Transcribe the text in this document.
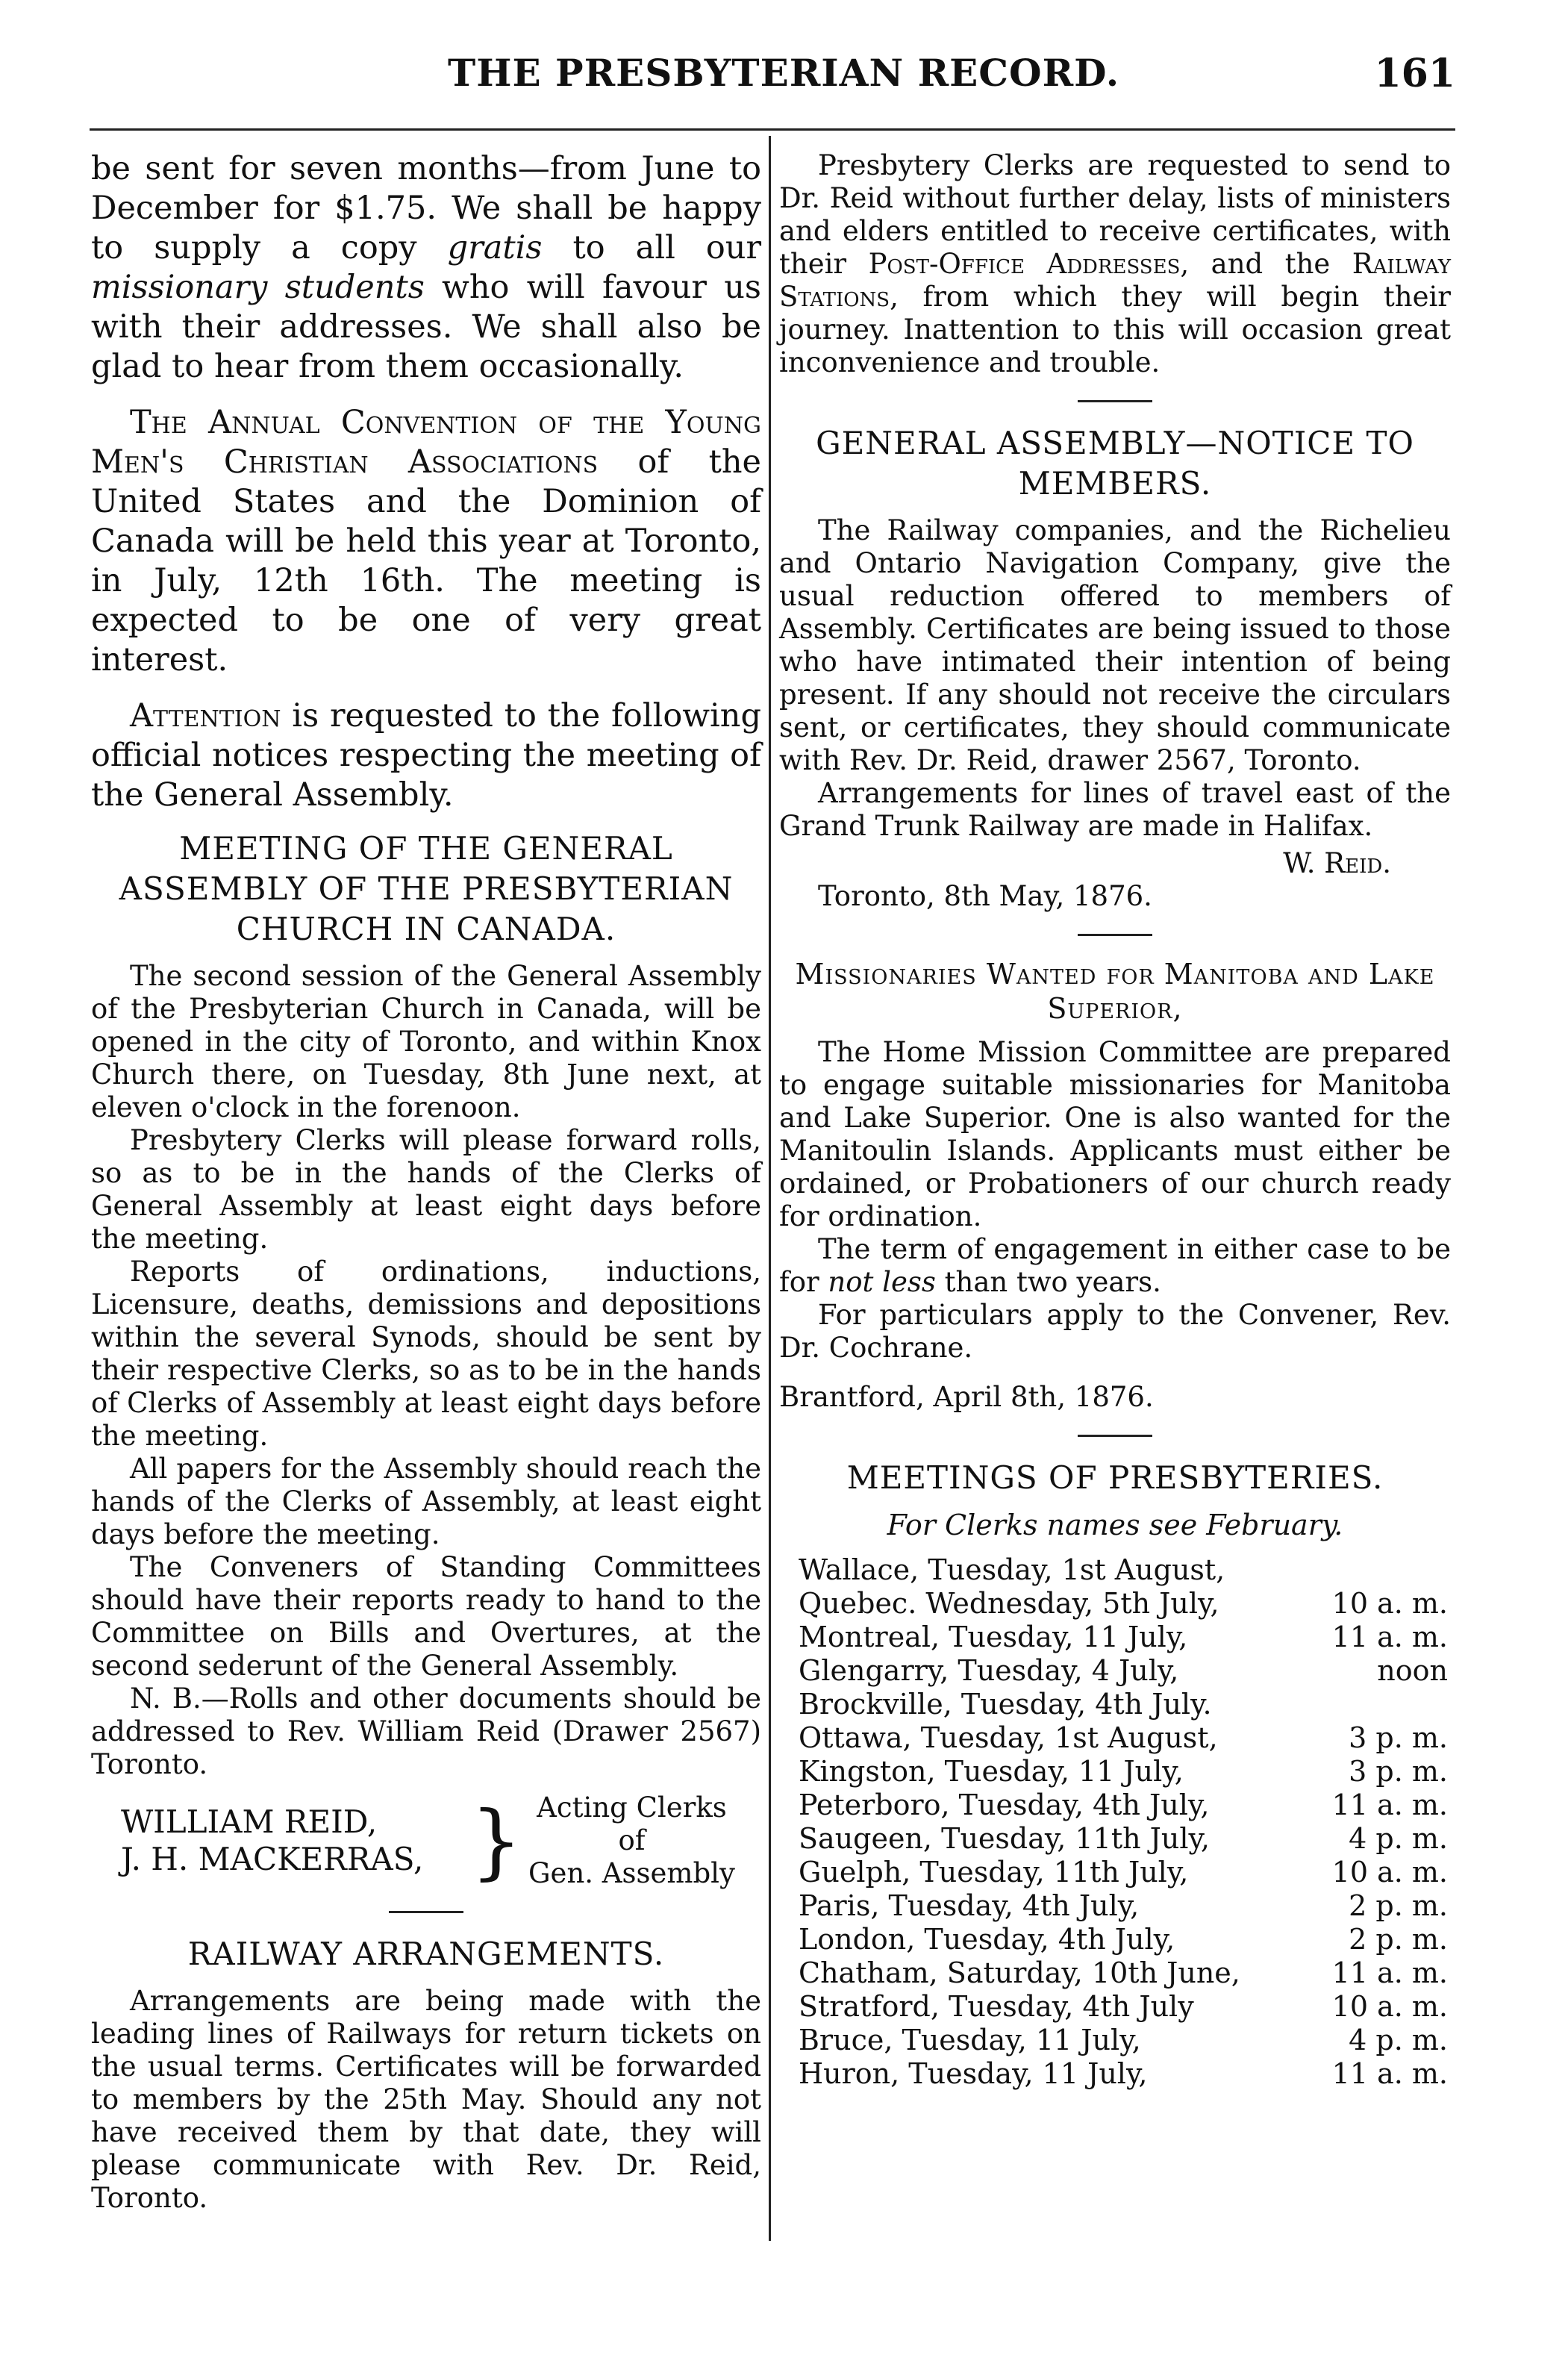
THE PRESBYTERIAN RECORD.	161

be sent for seven months—from June to December for $1.75. We shall be happy to supply a copy gratis to all our missionary students who will favour us with their addresses. We shall also be glad to hear from them occasionally.

The Annual Convention of the Young Men's Christian Associations of the United States and the Dominion of Canada will be held this year at Toronto, in July, 12th 16th. The meeting is expected to be one of very great interest.

Attention is requested to the following official notices respecting the meeting of the General Assembly.

MEETING OF THE GENERAL ASSEMBLY OF THE PRESBYTERIAN CHURCH IN CANADA.

The second session of the General Assembly of the Presbyterian Church in Canada, will be opened in the city of Toronto, and within Knox Church there, on Tuesday, 8th June next, at eleven o'clock in the forenoon.

Presbytery Clerks will please forward rolls, so as to be in the hands of the Clerks of General Assembly at least eight days before the meeting.

Reports of ordinations, inductions, Licensure, deaths, demissions and depositions within the several Synods, should be sent by their respective Clerks, so as to be in the hands of Clerks of Assembly at least eight days before the meeting.

All papers for the Assembly should reach the hands of the Clerks of Assembly, at least eight days before the meeting.

The Conveners of Standing Committees should have their reports ready to hand to the Committee on Bills and Overtures, at the second sederunt of the General Assembly.

N. B.—Rolls and other documents should be addressed to Rev. William Reid (Drawer 2567) Toronto.

WILLIAM REID,
J. H. MACKERRAS, } Acting Clerks
of
Gen. Assembly
RAILWAY ARRANGEMENTS.

Arrangements are being made with the leading lines of Railways for return tickets on the usual terms. Certificates will be forwarded to members by the 25th May. Should any not have received them by that date, they will please communicate with Rev. Dr. Reid, Toronto.

Presbytery Clerks are requested to send to Dr. Reid without further delay, lists of ministers and elders entitled to receive certificates, with their Post-Office Addresses, and the Railway Stations, from which they will begin their journey. Inattention to this will occasion great inconvenience and trouble.

GENERAL ASSEMBLY—NOTICE TO MEMBERS.

The Railway companies, and the Richelieu and Ontario Navigation Company, give the usual reduction offered to members of Assembly. Certificates are being issued to those who have intimated their intention of being present. If any should not receive the circulars sent, or certificates, they should communicate with Rev. Dr. Reid, drawer 2567, Toronto.

Arrangements for lines of travel east of the Grand Trunk Railway are made in Halifax.

W. Reid.

Toronto, 8th May, 1876.

Missionaries Wanted for Manitoba and Lake Superior,

The Home Mission Committee are prepared to engage suitable missionaries for Manitoba and Lake Superior. One is also wanted for the Manitoulin Islands. Applicants must either be ordained, or Probationers of our church ready for ordination.

The term of engagement in either case to be for not less than two years.

For particulars apply to the Convener, Rev. Dr. Cochrane.

Brantford, April 8th, 1876.

MEETINGS OF PRESBYTERIES.
For Clerks names see February.
Wallace, Tuesday, 1st August,
Quebec. Wednesday, 5th July,	10 a. m.
Montreal, Tuesday, 11 July,	11 a. m.
Glengarry, Tuesday, 4 July,	noon
Brockville, Tuesday, 4th July.
Ottawa, Tuesday, 1st August,	3 p. m.
Kingston, Tuesday, 11 July,	3 p. m.
Peterboro, Tuesday, 4th July,	11 a. m.
Saugeen, Tuesday, 11th July,	4 p. m.
Guelph, Tuesday, 11th July,	10 a. m.
Paris, Tuesday, 4th July,	2 p. m.
London, Tuesday, 4th July,	2 p. m.
Chatham, Saturday, 10th June,	11 a. m.
Stratford, Tuesday, 4th July	10 a. m.
Bruce, Tuesday, 11 July,	4 p. m.
Huron, Tuesday, 11 July,	11 a. m.
